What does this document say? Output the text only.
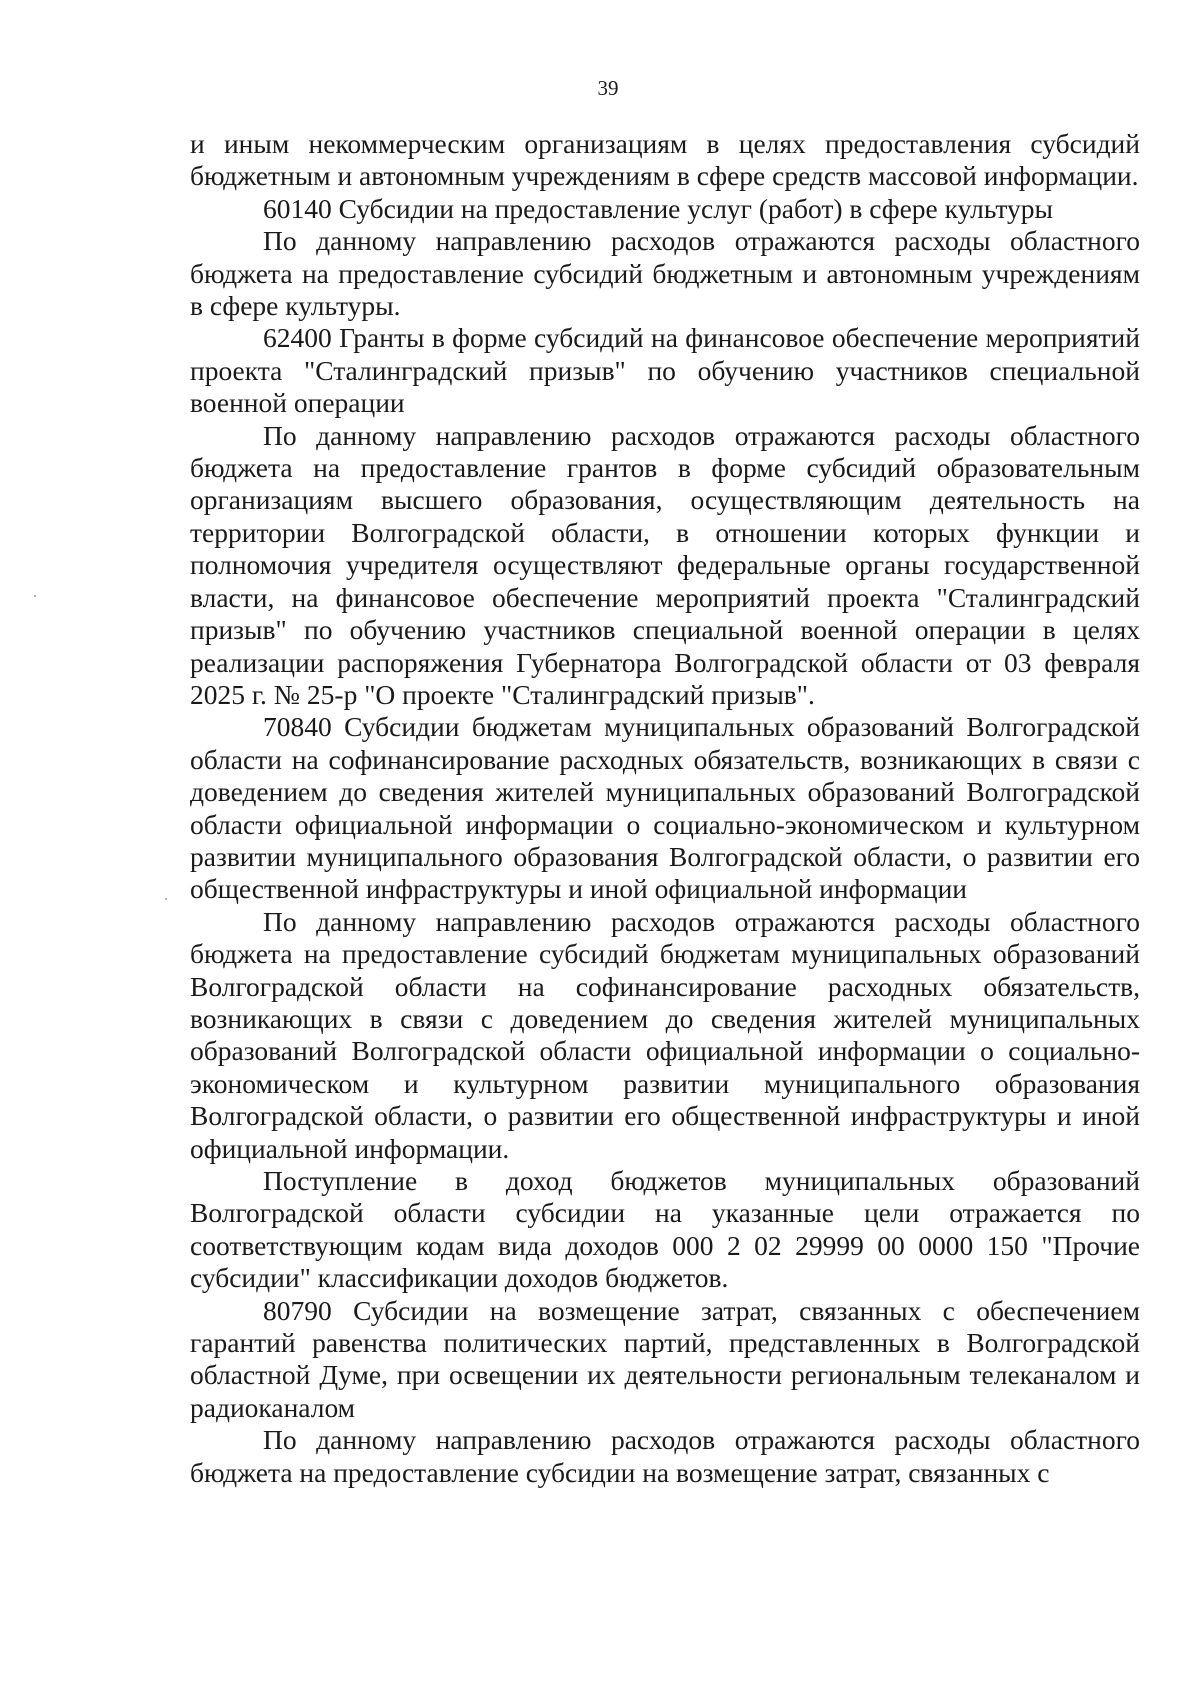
39

и иным некоммерческим организациям в целях предоставления субсидий бюджетным и автономным учреждениям в сфере средств массовой информации.

60140 Субсидии на предоставление услуг (работ) в сфере культуры

По данному направлению расходов отражаются расходы областного бюджета на предоставление субсидий бюджетным и автономным учреждениям в сфере культуры.

62400 Гранты в форме субсидий на финансовое обеспечение мероприятий проекта "Сталинградский призыв" по обучению участников специальной военной операции

По данному направлению расходов отражаются расходы областного бюджета на предоставление грантов в форме субсидий образовательным организациям высшего образования, осуществляющим деятельность на территории Волгоградской области, в отношении которых функции и полномочия учредителя осуществляют федеральные органы государственной власти, на финансовое обеспечение мероприятий проекта "Сталинградский призыв" по обучению участников специальной военной операции в целях реализации распоряжения Губернатора Волгоградской области от 03 февраля 2025 г. № 25-р "О проекте "Сталинградский призыв".

70840 Субсидии бюджетам муниципальных образований Волгоградской области на софинансирование расходных обязательств, возникающих в связи с доведением до сведения жителей муниципальных образований Волгоградской области официальной информации о социально-экономическом и культурном развитии муниципального образования Волгоградской области, о развитии его общественной инфраструктуры и иной официальной информации

По данному направлению расходов отражаются расходы областного бюджета на предоставление субсидий бюджетам муниципальных образований Волгоградской области на софинансирование расходных обязательств, возникающих в связи с доведением до сведения жителей муниципальных образований Волгоградской области официальной информации о социально-экономическом и культурном развитии муниципального образования Волгоградской области, о развитии его общественной инфраструктуры и иной официальной информации.

Поступление в доход бюджетов муниципальных образований Волгоградской области субсидии на указанные цели отражается по соответствующим кодам вида доходов 000 2 02 29999 00 0000 150 "Прочие субсидии" классификации доходов бюджетов.

80790 Субсидии на возмещение затрат, связанных с обеспечением гарантий равенства политических партий, представленных в Волгоградской областной Думе, при освещении их деятельности региональным телеканалом и радиоканалом

По данному направлению расходов отражаются расходы областного бюджета на предоставление субсидии на возмещение затрат, связанных с
